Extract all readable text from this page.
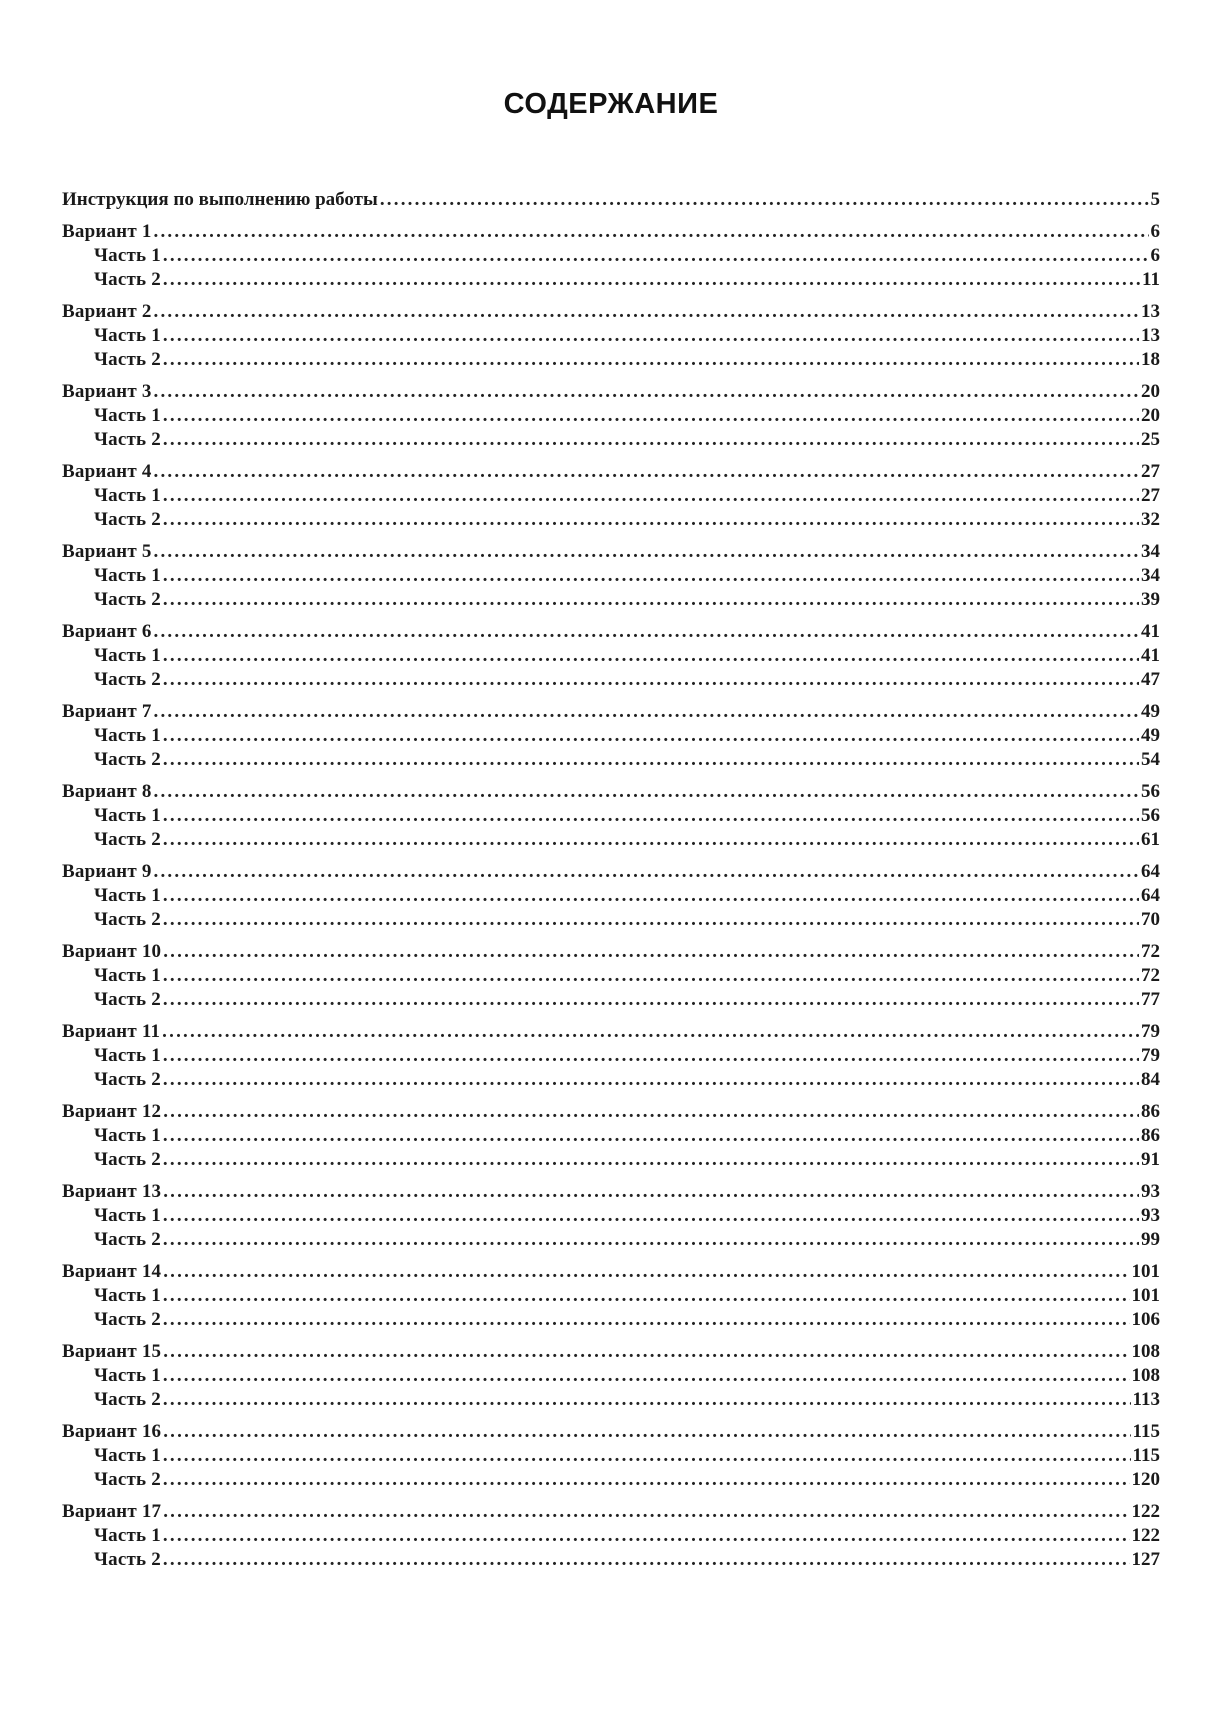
СОДЕРЖАНИЕ
Инструкция по выполнению работы .....	5
Вариант 1 .....	6
Часть 1 .....	6
Часть 2 .....	11
Вариант 2 .....	13
Часть 1 .....	13
Часть 2 .....	18
Вариант 3 .....	20
Часть 1 .....	20
Часть 2 .....	25
Вариант 4 .....	27
Часть 1 .....	27
Часть 2 .....	32
Вариант 5 .....	34
Часть 1 .....	34
Часть 2 .....	39
Вариант 6 .....	41
Часть 1 .....	41
Часть 2 .....	47
Вариант 7 .....	49
Часть 1 .....	49
Часть 2 .....	54
Вариант 8 .....	56
Часть 1 .....	56
Часть 2 .....	61
Вариант 9 .....	64
Часть 1 .....	64
Часть 2 .....	70
Вариант 10 .....	72
Часть 1 .....	72
Часть 2 .....	77
Вариант 11 .....	79
Часть 1 .....	79
Часть 2 .....	84
Вариант 12 .....	86
Часть 1 .....	86
Часть 2 .....	91
Вариант 13 .....	93
Часть 1 .....	93
Часть 2 .....	99
Вариант 14 .....	101
Часть 1 .....	101
Часть 2 .....	106
Вариант 15 .....	108
Часть 1 .....	108
Часть 2 .....	113
Вариант 16 .....	115
Часть 1 .....	115
Часть 2 .....	120
Вариант 17 .....	122
Часть 1 .....	122
Часть 2 .....	127
